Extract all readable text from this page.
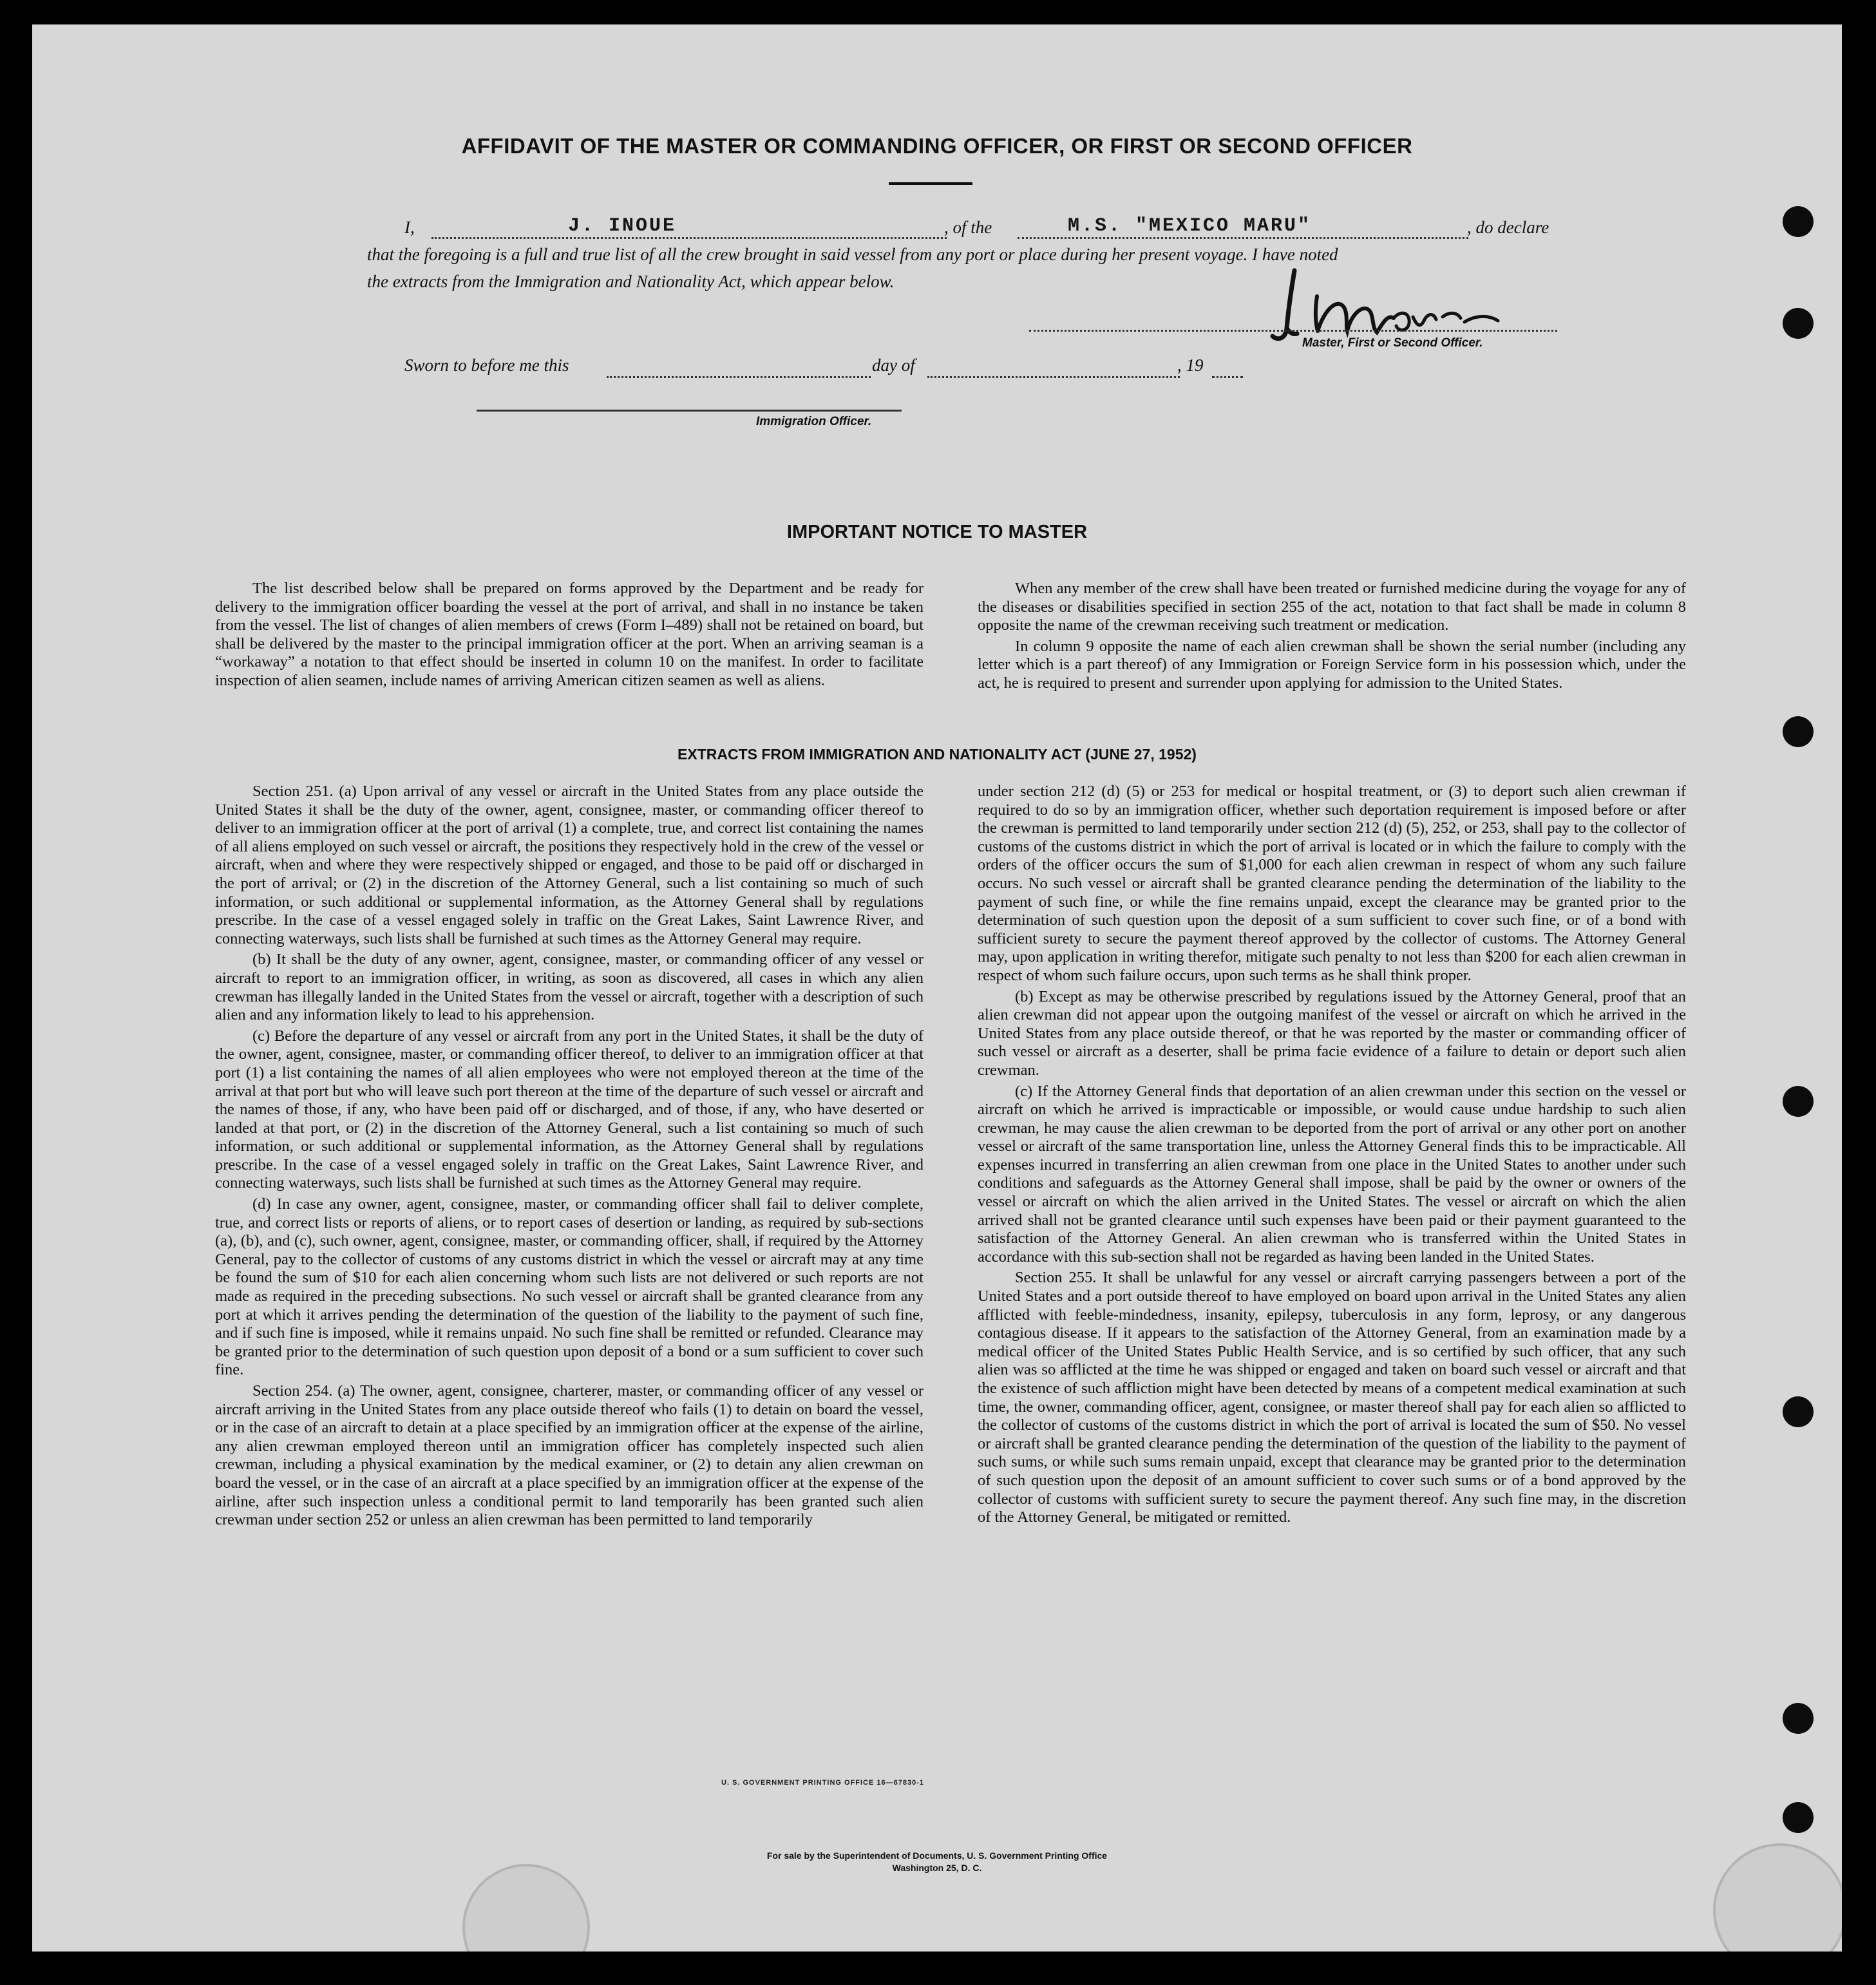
AFFIDAVIT OF THE MASTER OR COMMANDING OFFICER, OR FIRST OR SECOND OFFICER
I,	J. INOUE	, of the	M.S. "MEXICO MARU"	, do declare
that the foregoing is a full and true list of all the crew brought in said vessel from any port or place during her present voyage. I have noted
the extracts from the Immigration and Nationality Act, which appear below.
Master, First or Second Officer.
Sworn to before me this	day of	, 19
Immigration Officer.
IMPORTANT NOTICE TO MASTER

The list described below shall be prepared on forms approved by the Department and be ready for delivery to the immigration officer boarding the vessel at the port of arrival, and shall in no instance be taken from the vessel. The list of changes of alien members of crews (Form I–489) shall not be retained on board, but shall be delivered by the master to the principal immigration officer at the port. When an arriving seaman is a “workaway” a notation to that effect should be inserted in column 10 on the manifest. In order to facilitate inspection of alien seamen, include names of arriving American citizen seamen as well as aliens.

When any member of the crew shall have been treated or furnished medicine during the voyage for any of the diseases or disabilities specified in section 255 of the act, notation to that fact shall be made in column 8 opposite the name of the crewman receiving such treatment or medication.

In column 9 opposite the name of each alien crewman shall be shown the serial number (including any letter which is a part thereof) of any Immigration or Foreign Service form in his possession which, under the act, he is required to present and surrender upon applying for admission to the United States.

EXTRACTS FROM IMMIGRATION AND NATIONALITY ACT (JUNE 27, 1952)

Section 251. (a) Upon arrival of any vessel or aircraft in the United States from any place outside the United States it shall be the duty of the owner, agent, consignee, master, or commanding officer thereof to deliver to an immigration officer at the port of arrival (1) a complete, true, and correct list containing the names of all aliens employed on such vessel or aircraft, the positions they respectively hold in the crew of the vessel or aircraft, when and where they were respectively shipped or engaged, and those to be paid off or discharged in the port of arrival; or (2) in the discretion of the Attorney General, such a list containing so much of such information, or such additional or supplemental information, as the Attorney General shall by regulations prescribe. In the case of a vessel engaged solely in traffic on the Great Lakes, Saint Lawrence River, and connecting waterways, such lists shall be furnished at such times as the Attorney General may require.

(b) It shall be the duty of any owner, agent, consignee, master, or commanding officer of any vessel or aircraft to report to an immigration officer, in writing, as soon as discovered, all cases in which any alien crewman has illegally landed in the United States from the vessel or aircraft, together with a description of such alien and any information likely to lead to his apprehension.

(c) Before the departure of any vessel or aircraft from any port in the United States, it shall be the duty of the owner, agent, consignee, master, or commanding officer thereof, to deliver to an immigration officer at that port (1) a list containing the names of all alien employees who were not employed thereon at the time of the arrival at that port but who will leave such port thereon at the time of the departure of such vessel or aircraft and the names of those, if any, who have been paid off or discharged, and of those, if any, who have deserted or landed at that port, or (2) in the discretion of the Attorney General, such a list containing so much of such information, or such additional or supplemental information, as the Attorney General shall by regulations prescribe. In the case of a vessel engaged solely in traffic on the Great Lakes, Saint Lawrence River, and connecting waterways, such lists shall be furnished at such times as the Attorney General may require.

(d) In case any owner, agent, consignee, master, or commanding officer shall fail to deliver complete, true, and correct lists or reports of aliens, or to report cases of desertion or landing, as required by sub-sections (a), (b), and (c), such owner, agent, consignee, master, or commanding officer, shall, if required by the Attorney General, pay to the collector of customs of any customs district in which the vessel or aircraft may at any time be found the sum of $10 for each alien concerning whom such lists are not delivered or such reports are not made as required in the preceding subsections. No such vessel or aircraft shall be granted clearance from any port at which it arrives pending the determination of the question of the liability to the payment of such fine, and if such fine is imposed, while it remains unpaid. No such fine shall be remitted or refunded. Clearance may be granted prior to the determination of such question upon deposit of a bond or a sum sufficient to cover such fine.

Section 254. (a) The owner, agent, consignee, charterer, master, or commanding officer of any vessel or aircraft arriving in the United States from any place outside thereof who fails (1) to detain on board the vessel, or in the case of an aircraft to detain at a place specified by an immigration officer at the expense of the airline, any alien crewman employed thereon until an immigration officer has completely inspected such alien crewman, including a physical examination by the medical examiner, or (2) to detain any alien crewman on board the vessel, or in the case of an aircraft at a place specified by an immigration officer at the expense of the airline, after such inspection unless a conditional permit to land temporarily has been granted such alien crewman under section 252 or unless an alien crewman has been permitted to land temporarily

under section 212 (d) (5) or 253 for medical or hospital treatment, or (3) to deport such alien crewman if required to do so by an immigration officer, whether such deportation requirement is imposed before or after the crewman is permitted to land temporarily under section 212 (d) (5), 252, or 253, shall pay to the collector of customs of the customs district in which the port of arrival is located or in which the failure to comply with the orders of the officer occurs the sum of $1,000 for each alien crewman in respect of whom any such failure occurs. No such vessel or aircraft shall be granted clearance pending the determination of the liability to the payment of such fine, or while the fine remains unpaid, except the clearance may be granted prior to the determination of such question upon the deposit of a sum sufficient to cover such fine, or of a bond with sufficient surety to secure the payment thereof approved by the collector of customs. The Attorney General may, upon application in writing therefor, mitigate such penalty to not less than $200 for each alien crewman in respect of whom such failure occurs, upon such terms as he shall think proper.

(b) Except as may be otherwise prescribed by regulations issued by the Attorney General, proof that an alien crewman did not appear upon the outgoing manifest of the vessel or aircraft on which he arrived in the United States from any place outside thereof, or that he was reported by the master or commanding officer of such vessel or aircraft as a deserter, shall be prima facie evidence of a failure to detain or deport such alien crewman.

(c) If the Attorney General finds that deportation of an alien crewman under this section on the vessel or aircraft on which he arrived is impracticable or impossible, or would cause undue hardship to such alien crewman, he may cause the alien crewman to be deported from the port of arrival or any other port on another vessel or aircraft of the same transportation line, unless the Attorney General finds this to be impracticable. All expenses incurred in transferring an alien crewman from one place in the United States to another under such conditions and safeguards as the Attorney General shall impose, shall be paid by the owner or owners of the vessel or aircraft on which the alien arrived in the United States. The vessel or aircraft on which the alien arrived shall not be granted clearance until such expenses have been paid or their payment guaranteed to the satisfaction of the Attorney General. An alien crewman who is transferred within the United States in accordance with this sub-section shall not be regarded as having been landed in the United States.

Section 255. It shall be unlawful for any vessel or aircraft carrying passengers between a port of the United States and a port outside thereof to have employed on board upon arrival in the United States any alien afflicted with feeble-mindedness, insanity, epilepsy, tuberculosis in any form, leprosy, or any dangerous contagious disease. If it appears to the satisfaction of the Attorney General, from an examination made by a medical officer of the United States Public Health Service, and is so certified by such officer, that any such alien was so afflicted at the time he was shipped or engaged and taken on board such vessel or aircraft and that the existence of such affliction might have been detected by means of a competent medical examination at such time, the owner, commanding officer, agent, consignee, or master thereof shall pay for each alien so afflicted to the collector of customs of the customs district in which the port of arrival is located the sum of $50. No vessel or aircraft shall be granted clearance pending the determination of the question of the liability to the payment of such sums, or while such sums remain unpaid, except that clearance may be granted prior to the determination of such question upon the deposit of an amount sufficient to cover such sums or of a bond approved by the collector of customs with sufficient surety to secure the payment thereof. Any such fine may, in the discretion of the Attorney General, be mitigated or remitted.

U. S. GOVERNMENT PRINTING OFFICE 16—67830-1
For sale by the Superintendent of Documents, U. S. Government Printing Office
Washington 25, D. C.
